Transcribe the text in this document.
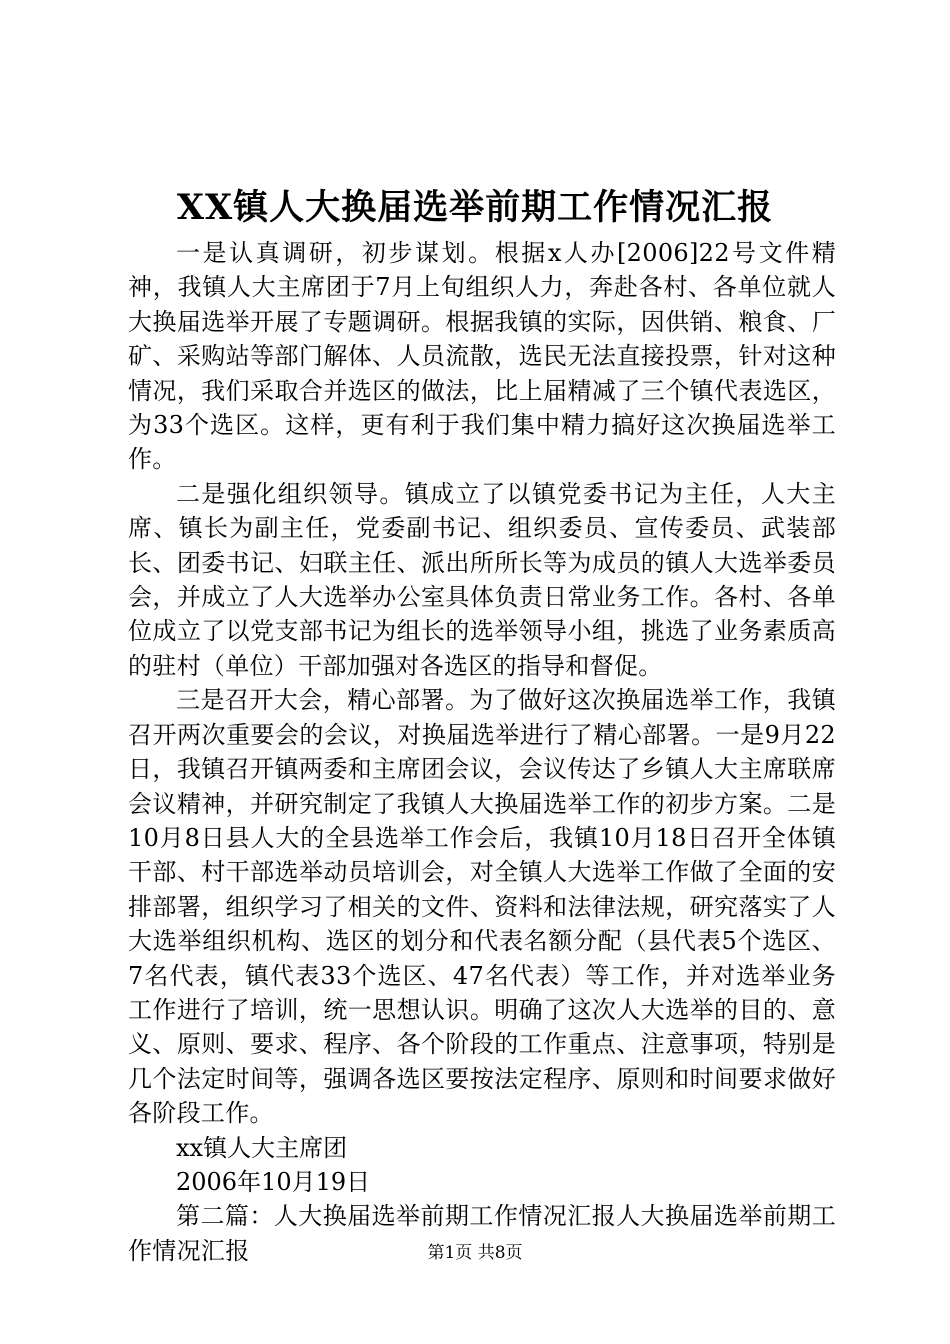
XX镇人大换届选举前期工作情况汇报

一是认真调研，初步谋划。根据x人办[2006]22号文件精神，我镇人大主席团于7月上旬组织人力，奔赴各村、各单位就人大换届选举开展了专题调研。根据我镇的实际，因供销、粮食、厂矿、采购站等部门解体、人员流散，选民无法直接投票，针对这种情况，我们采取合并选区的做法，比上届精减了三个镇代表选区，为33个选区。这样，更有利于我们集中精力搞好这次换届选举工作。

二是强化组织领导。镇成立了以镇党委书记为主任，人大主席、镇长为副主任，党委副书记、组织委员、宣传委员、武装部长、团委书记、妇联主任、派出所所长等为成员的镇人大选举委员会，并成立了人大选举办公室具体负责日常业务工作。各村、各单位成立了以党支部书记为组长的选举领导小组，挑选了业务素质高的驻村（单位）干部加强对各选区的指导和督促。

三是召开大会，精心部署。为了做好这次换届选举工作，我镇召开两次重要会的会议，对换届选举进行了精心部署。一是9月22日，我镇召开镇两委和主席团会议，会议传达了乡镇人大主席联席会议精神，并研究制定了我镇人大换届选举工作的初步方案。二是10月8日县人大的全县选举工作会后，我镇10月18日召开全体镇干部、村干部选举动员培训会，对全镇人大选举工作做了全面的安排部署，组织学习了相关的文件、资料和法律法规，研究落实了人大选举组织机构、选区的划分和代表名额分配（县代表5个选区、7名代表，镇代表33个选区、47名代表）等工作，并对选举业务工作进行了培训，统一思想认识。明确了这次人大选举的目的、意义、原则、要求、程序、各个阶段的工作重点、注意事项，特别是几个法定时间等，强调各选区要按法定程序、原则和时间要求做好各阶段工作。

xx镇人大主席团

2006年10月19日

第二篇：人大换届选举前期工作情况汇报人大换届选举前期工作情况汇报	第1页 共8页
